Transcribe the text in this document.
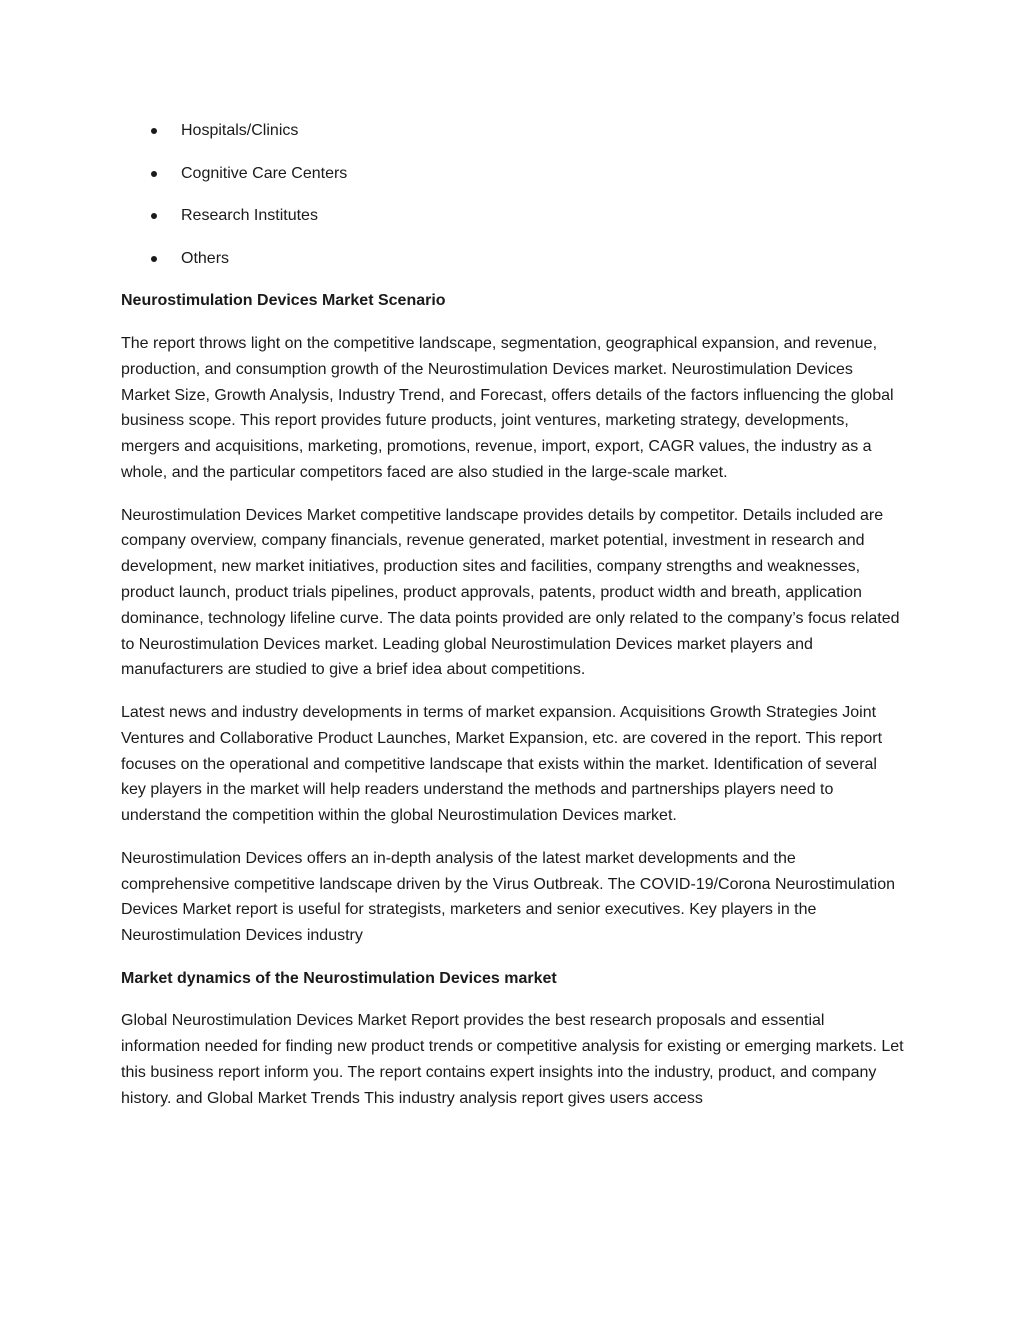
Hospitals/Clinics
Cognitive Care Centers
Research Institutes
Others
Neurostimulation Devices Market Scenario

The report throws light on the competitive landscape, segmentation, geographical expansion, and revenue, production, and consumption growth of the Neurostimulation Devices market. Neurostimulation Devices Market Size, Growth Analysis, Industry Trend, and Forecast, offers details of the factors influencing the global business scope. This report provides future products, joint ventures, marketing strategy, developments, mergers and acquisitions, marketing, promotions, revenue, import, export, CAGR values, the industry as a whole, and the particular competitors faced are also studied in the large-scale market.

Neurostimulation Devices Market competitive landscape provides details by competitor. Details included are company overview, company financials, revenue generated, market potential, investment in research and development, new market initiatives, production sites and facilities, company strengths and weaknesses, product launch, product trials pipelines, product approvals, patents, product width and breath, application dominance, technology lifeline curve. The data points provided are only related to the company’s focus related to Neurostimulation Devices market. Leading global Neurostimulation Devices market players and manufacturers are studied to give a brief idea about competitions.

Latest news and industry developments in terms of market expansion. Acquisitions Growth Strategies Joint Ventures and Collaborative Product Launches, Market Expansion, etc. are covered in the report. This report focuses on the operational and competitive landscape that exists within the market. Identification of several key players in the market will help readers understand the methods and partnerships players need to understand the competition within the global Neurostimulation Devices market.

Neurostimulation Devices offers an in-depth analysis of the latest market developments and the comprehensive competitive landscape driven by the Virus Outbreak. The COVID-19/Corona Neurostimulation Devices Market report is useful for strategists, marketers and senior executives. Key players in the Neurostimulation Devices industry

Market dynamics of the Neurostimulation Devices market

Global Neurostimulation Devices Market Report provides the best research proposals and essential information needed for finding new product trends or competitive analysis for existing or emerging markets. Let this business report inform you. The report contains expert insights into the industry, product, and company history. and Global Market Trends This industry analysis report gives users access
